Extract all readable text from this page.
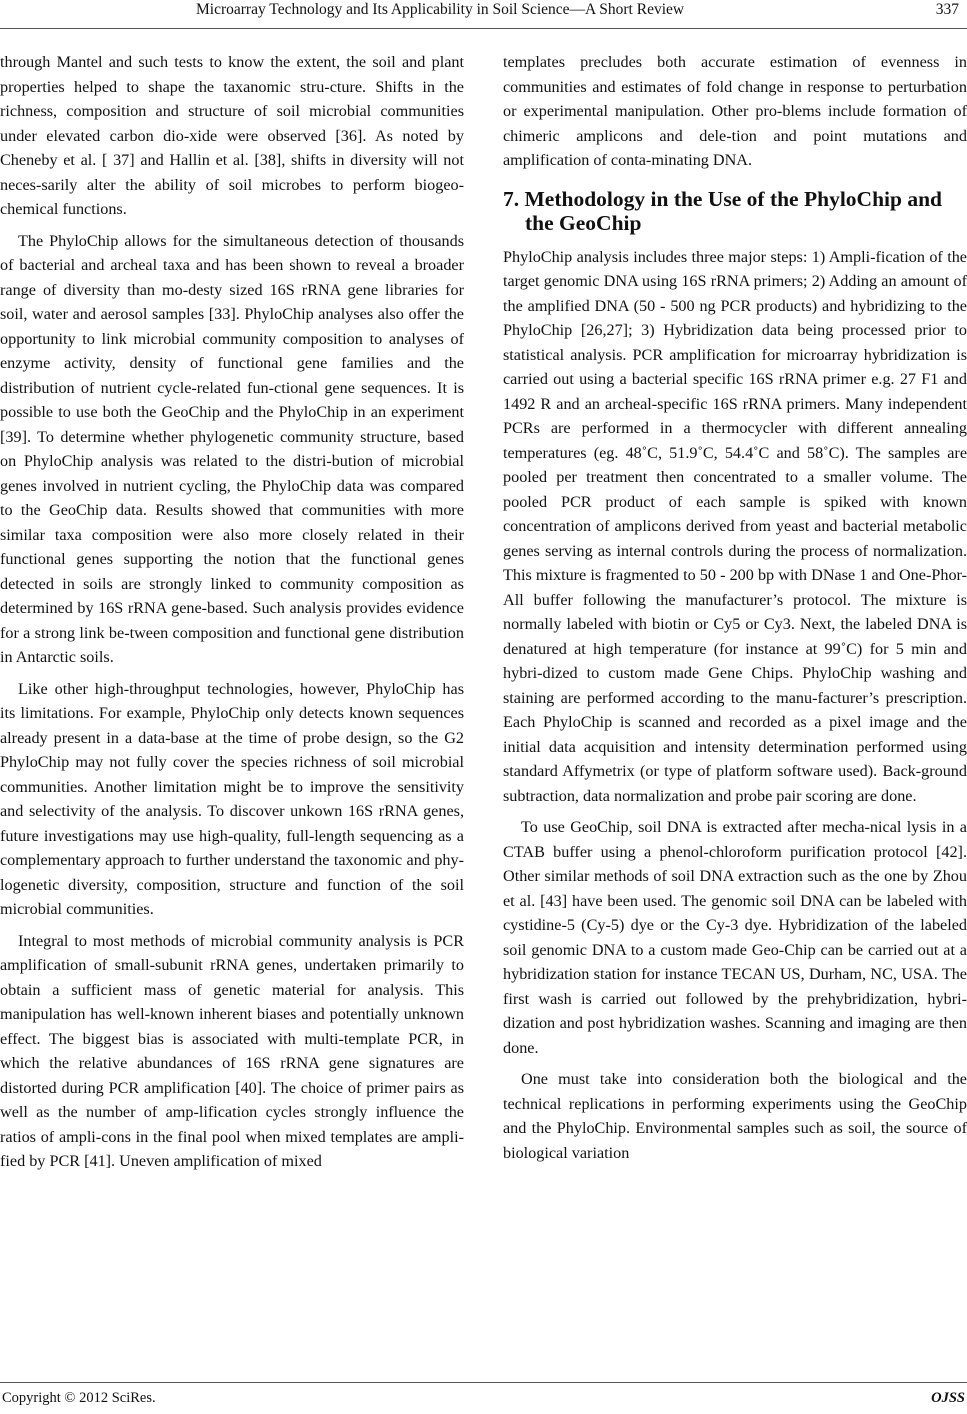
Microarray Technology and Its Applicability in Soil Science—A Short Review	337

through Mantel and such tests to know the extent, the soil and plant properties helped to shape the taxanomic stru-cture. Shifts in the richness, composition and structure of soil microbial communities under elevated carbon dio-xide were observed [36]. As noted by Cheneby et al. [ 37] and Hallin et al. [38], shifts in diversity will not neces-sarily alter the ability of soil microbes to perform biogeo-chemical functions.

The PhyloChip allows for the simultaneous detection of thousands of bacterial and archeal taxa and has been shown to reveal a broader range of diversity than mo-desty sized 16S rRNA gene libraries for soil, water and aerosol samples [33]. PhyloChip analyses also offer the opportunity to link microbial community composition to analyses of enzyme activity, density of functional gene families and the distribution of nutrient cycle-related fun-ctional gene sequences. It is possible to use both the GeoChip and the PhyloChip in an experiment [39]. To determine whether phylogenetic community structure, based on PhyloChip analysis was related to the distri-bution of microbial genes involved in nutrient cycling, the PhyloChip data was compared to the GeoChip data. Results showed that communities with more similar taxa composition were also more closely related in their functional genes supporting the notion that the functional genes detected in soils are strongly linked to community composition as determined by 16S rRNA gene-based. Such analysis provides evidence for a strong link be-tween composition and functional gene distribution in Antarctic soils.

Like other high-throughput technologies, however, PhyloChip has its limitations. For example, PhyloChip only detects known sequences already present in a data-base at the time of probe design, so the G2 PhyloChip may not fully cover the species richness of soil microbial communities. Another limitation might be to improve the sensitivity and selectivity of the analysis. To discover unkown 16S rRNA genes, future investigations may use high-quality, full-length sequencing as a complementary approach to further understand the taxonomic and phy-logenetic diversity, composition, structure and function of the soil microbial communities.

Integral to most methods of microbial community analysis is PCR amplification of small-subunit rRNA genes, undertaken primarily to obtain a sufficient mass of genetic material for analysis. This manipulation has well-known inherent biases and potentially unknown effect. The biggest bias is associated with multi-template PCR, in which the relative abundances of 16S rRNA gene signatures are distorted during PCR amplification [40]. The choice of primer pairs as well as the number of amp-lification cycles strongly influence the ratios of ampli-cons in the final pool when mixed templates are ampli-fied by PCR [41]. Uneven amplification of mixed

templates precludes both accurate estimation of evenness in communities and estimates of fold change in response to perturbation or experimental manipulation. Other pro-blems include formation of chimeric amplicons and dele-tion and point mutations and amplification of conta-minating DNA.

7. Methodology in the Use of the PhyloChip and the GeoChip

PhyloChip analysis includes three major steps: 1) Ampli-fication of the target genomic DNA using 16S rRNA primers; 2) Adding an amount of the amplified DNA (50 - 500 ng PCR products) and hybridizing to the PhyloChip [26,27]; 3) Hybridization data being processed prior to statistical analysis. PCR amplification for microarray hybridization is carried out using a bacterial specific 16S rRNA primer e.g. 27 F1 and 1492 R and an archeal-specific 16S rRNA primers. Many independent PCRs are performed in a thermocycler with different annealing temperatures (eg. 48˚C, 51.9˚C, 54.4˚C and 58˚C). The samples are pooled per treatment then concentrated to a smaller volume. The pooled PCR product of each sample is spiked with known concentration of amplicons derived from yeast and bacterial metabolic genes serving as internal controls during the process of normalization. This mixture is fragmented to 50 - 200 bp with DNase 1 and One-Phor-All buffer following the manufacturer’s protocol. The mixture is normally labeled with biotin or Cy5 or Cy3. Next, the labeled DNA is denatured at high temperature (for instance at 99˚C) for 5 min and hybri-dized to custom made Gene Chips. PhyloChip washing and staining are performed according to the manu-facturer’s prescription. Each PhyloChip is scanned and recorded as a pixel image and the initial data acquisition and intensity determination performed using standard Affymetrix (or type of platform software used). Back-ground subtraction, data normalization and probe pair scoring are done.

To use GeoChip, soil DNA is extracted after mecha-nical lysis in a CTAB buffer using a phenol-chloroform purification protocol [42]. Other similar methods of soil DNA extraction such as the one by Zhou et al. [43] have been used. The genomic soil DNA can be labeled with cystidine-5 (Cy-5) dye or the Cy-3 dye. Hybridization of the labeled soil genomic DNA to a custom made Geo-Chip can be carried out at a hybridization station for instance TECAN US, Durham, NC, USA. The first wash is carried out followed by the prehybridization, hybri-dization and post hybridization washes. Scanning and imaging are then done.

One must take into consideration both the biological and the technical replications in performing experiments using the GeoChip and the PhyloChip. Environmental samples such as soil, the source of biological variation

Copyright © 2012 SciRes.	OJSS
